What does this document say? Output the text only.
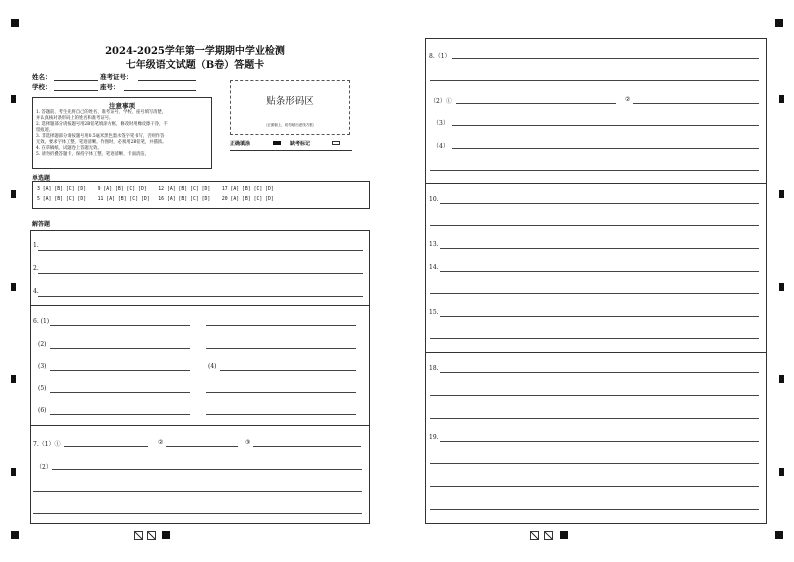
2024-2025学年第一学期期中学业检测
七年级语文试题（B卷）答题卡
姓名：	准考证号：
学校：	座号：
注意事项
1. 答题前，考生先将自己的姓名、准考证号、学校、座号填写清楚，
并认真核对条形码上的姓名和准考证号。
2. 选择题部分请按题号用2B铅笔填涂方框，修改时用橡皮擦干净，不
留痕迹。
3. 非选择题部分请按题号用0.5毫米黑色墨水签字笔书写，否则作答
无效。要求字体工整、笔迹清晰。作图时，必须用2B铅笔，并描浓。
4. 在草稿纸、试题卷上答题无效。
5. 请勿折叠答题卡，保持字体工整、笔迹清晰、卡面清洁。
贴条形码区
（正面朝上，切勿贴出虚线方框）
正确填涂	缺考标记
单选题
3 [A] [B] [C] [D]    9 [A] [B] [C] [D]    12 [A] [B] [C] [D]    17 [A] [B] [C] [D]
5 [A] [B] [C] [D]    11 [A] [B] [C] [D]   16 [A] [B] [C] [D]    20 [A] [B] [C] [D]
解答题
1.
2.
4.
6. (1)
(2)
(3)	(4)
(5)
(6)
7.（1）①	②	③
（2）
8.（1）
（2）①	②
（3）
（4）
10.
13.
14.
15.
18.
19.
